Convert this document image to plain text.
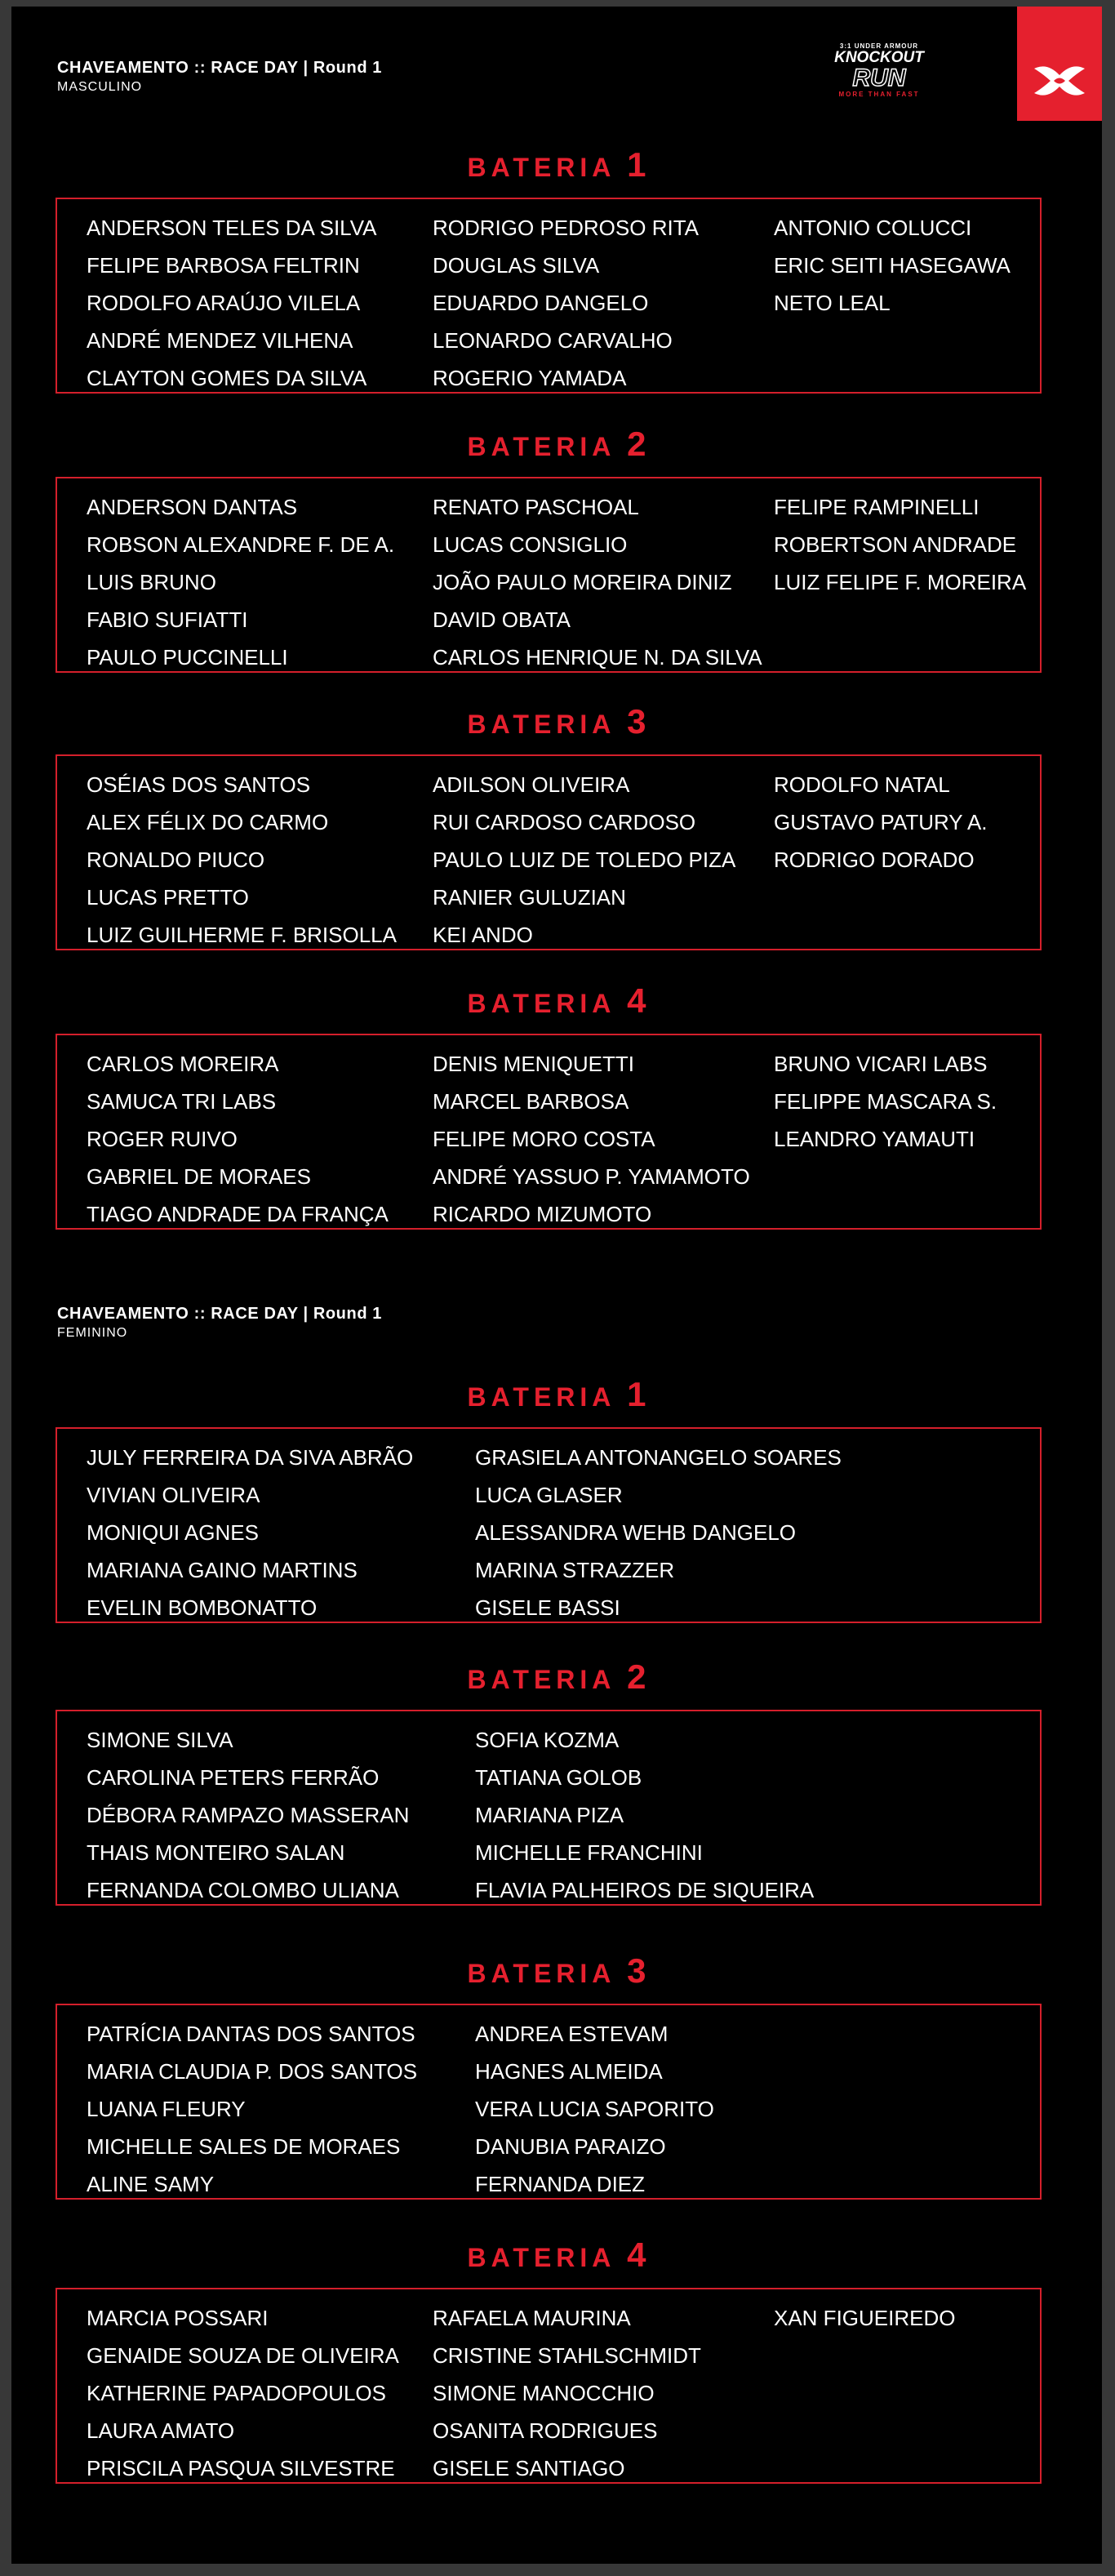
3:1 UNDER ARMOUR
KNOCKOUT
RUN
MORE THAN FAST
CHAVEAMENTO :: RACE DAY | Round 1
MASCULINO
BATERIA 1
ANDERSON TELES DA SILVA
FELIPE BARBOSA FELTRIN
RODOLFO ARAÚJO VILELA
ANDRÉ MENDEZ VILHENA
CLAYTON GOMES DA SILVA
RODRIGO PEDROSO RITA
DOUGLAS SILVA
EDUARDO DANGELO
LEONARDO CARVALHO
ROGERIO YAMADA
ANTONIO COLUCCI
ERIC SEITI HASEGAWA
NETO LEAL
BATERIA 2
ANDERSON DANTAS
ROBSON ALEXANDRE F. DE A.
LUIS BRUNO
FABIO SUFIATTI
PAULO PUCCINELLI
RENATO PASCHOAL
LUCAS CONSIGLIO
JOÃO PAULO MOREIRA DINIZ
DAVID OBATA
CARLOS HENRIQUE N. DA SILVA
FELIPE RAMPINELLI
ROBERTSON ANDRADE
LUIZ FELIPE F. MOREIRA
BATERIA 3
OSÉIAS DOS SANTOS
ALEX FÉLIX DO CARMO
RONALDO PIUCO
LUCAS PRETTO
LUIZ GUILHERME F. BRISOLLA
ADILSON OLIVEIRA
RUI CARDOSO CARDOSO
PAULO LUIZ DE TOLEDO PIZA
RANIER GULUZIAN
KEI ANDO
RODOLFO NATAL
GUSTAVO PATURY A.
RODRIGO DORADO
BATERIA 4
CARLOS MOREIRA
SAMUCA TRI LABS
ROGER RUIVO
GABRIEL DE MORAES
TIAGO ANDRADE DA FRANÇA
DENIS MENIQUETTI
MARCEL BARBOSA
FELIPE MORO COSTA
ANDRÉ YASSUO P. YAMAMOTO
RICARDO MIZUMOTO
BRUNO VICARI LABS
FELIPPE MASCARA S.
LEANDRO YAMAUTI
CHAVEAMENTO :: RACE DAY | Round 1
FEMININO
BATERIA 1
JULY FERREIRA DA SIVA ABRÃO
VIVIAN OLIVEIRA
MONIQUI AGNES
MARIANA GAINO MARTINS
EVELIN BOMBONATTO
GRASIELA ANTONANGELO SOARES
LUCA GLASER
ALESSANDRA WEHB DANGELO
MARINA STRAZZER
GISELE BASSI
BATERIA 2
SIMONE SILVA
CAROLINA PETERS FERRÃO
DÉBORA RAMPAZO MASSERAN
THAIS MONTEIRO SALAN
FERNANDA COLOMBO ULIANA
SOFIA KOZMA
TATIANA GOLOB
MARIANA PIZA
MICHELLE FRANCHINI
FLAVIA PALHEIROS DE SIQUEIRA
BATERIA 3
PATRÍCIA DANTAS DOS SANTOS
MARIA CLAUDIA P. DOS SANTOS
LUANA FLEURY
MICHELLE SALES DE MORAES
ALINE SAMY
ANDREA ESTEVAM
HAGNES ALMEIDA
VERA LUCIA SAPORITO
DANUBIA PARAIZO
FERNANDA DIEZ
BATERIA 4
MARCIA POSSARI
GENAIDE SOUZA DE OLIVEIRA
KATHERINE PAPADOPOULOS
LAURA AMATO
PRISCILA PASQUA SILVESTRE
RAFAELA MAURINA
CRISTINE STAHLSCHMIDT
SIMONE MANOCCHIO
OSANITA RODRIGUES
GISELE SANTIAGO
XAN FIGUEIREDO
